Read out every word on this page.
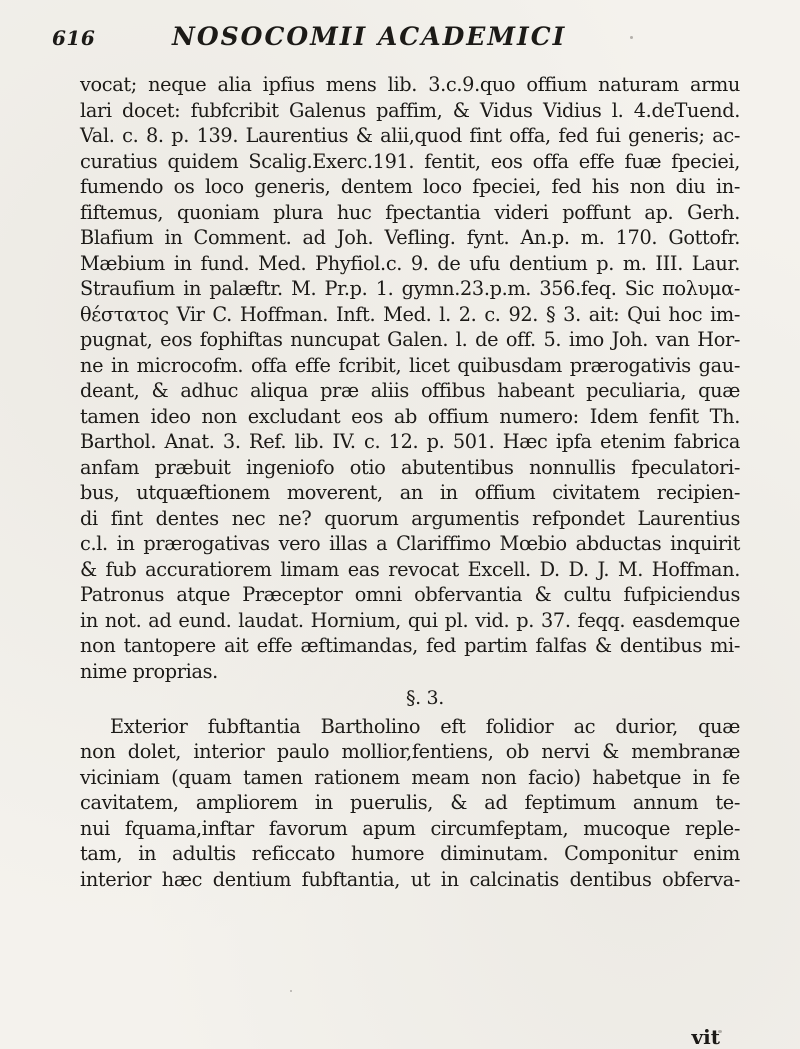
616	NOSOCOMII ACADEMICI

vocat; neque alia ipfius mens lib. 3.c.9.quo offium naturam armu

lari docet: fubfcribit Galenus paffim, & Vidus Vidius l. 4.deTuend.

Val. c. 8. p. 139. Laurentius & alii,quod fint offa, fed fui generis; ac-

curatius quidem Scalig.Exerc.191. fentit, eos offa effe fuæ fpeciei,

fumendo os loco generis, dentem loco fpeciei, fed his non diu in-

fiftemus, quoniam plura huc fpectantia videri poffunt ap. Gerh.

Blafium in Comment. ad Joh. Vefling. fynt. An.p. m. 170. Gottofr.

Mæbium in fund. Med. Phyfiol.c. 9. de ufu dentium p. m. III. Laur.

Straufium in palæftr. M. Pr.p. 1. gymn.23.p.m. 356.feq. Sic πολυμα-

θέστατος Vir C. Hoffman. Inft. Med. l. 2. c. 92. § 3. ait: Qui hoc im-

pugnat, eos fophiftas nuncupat Galen. l. de off. 5. imo Joh. van Hor-

ne in microcofm. offa effe fcribit, licet quibusdam prærogativis gau-

deant, & adhuc aliqua præ aliis offibus habeant peculiaria, quæ

tamen ideo non excludant eos ab offium numero: Idem fenfit Th.

Barthol. Anat. 3. Ref. lib. IV. c. 12. p. 501. Hæc ipfa etenim fabrica

anfam præbuit ingeniofo otio abutentibus nonnullis fpeculatori-

bus, utquæftionem moverent, an in offium civitatem recipien-

di fint dentes nec ne? quorum argumentis refpondet Laurentius

c.l. in prærogativas vero illas a Clariffimo Mœbio abductas inquirit

& fub accuratiorem limam eas revocat Excell. D. D. J. M. Hoffman.

Patronus atque Præceptor omni obfervantia & cultu fufpiciendus

in not. ad eund. laudat. Hornium, qui pl. vid. p. 37. feqq. easdemque

non tantopere ait effe æftimandas, fed partim falfas & dentibus mi-

nime proprias.

§. 3.

Exterior fubftantia Bartholino eft folidior ac durior, quæ

non dolet, interior paulo mollior,fentiens, ob nervi & membranæ

viciniam (quam tamen rationem meam non facio) habetque in fe

cavitatem, ampliorem in puerulis, & ad feptimum annum te-

nui fquama,inftar favorum apum circumfeptam, mucoque reple-

tam, in adultis reficcato humore diminutam. Componitur enim

interior hæc dentium fubftantia, ut in calcinatis dentibus obferva-

vit
